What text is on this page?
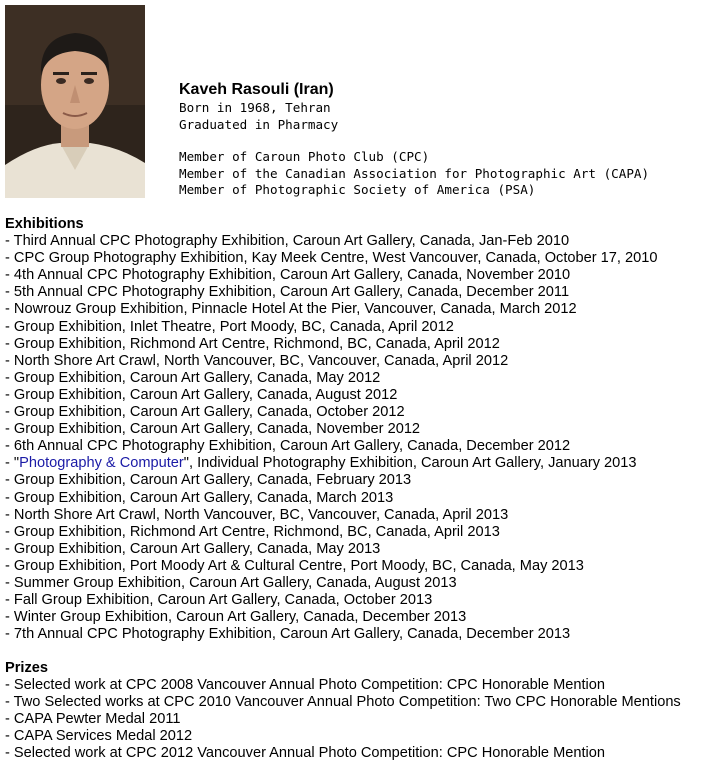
Kaveh Rasouli (Iran)
Born in 1968, Tehran
Graduated in Pharmacy
Member of Caroun Photo Club (CPC)
Member of the Canadian Association for Photographic Art (CAPA)
Member of Photographic Society of America (PSA)
Exhibitions
- Third Annual CPC Photography Exhibition, Caroun Art Gallery, Canada, Jan-Feb 2010
- CPC Group Photography Exhibition, Kay Meek Centre, West Vancouver, Canada, October 17, 2010
- 4th Annual CPC Photography Exhibition, Caroun Art Gallery, Canada, November 2010
- 5th Annual CPC Photography Exhibition, Caroun Art Gallery, Canada, December 2011
- Nowrouz Group Exhibition, Pinnacle Hotel At the Pier, Vancouver, Canada, March 2012
- Group Exhibition, Inlet Theatre, Port Moody, BC, Canada, April 2012
- Group Exhibition, Richmond Art Centre, Richmond, BC, Canada, April 2012
- North Shore Art Crawl, North Vancouver, BC, Vancouver, Canada, April 2012
- Group Exhibition, Caroun Art Gallery, Canada, May 2012
- Group Exhibition, Caroun Art Gallery, Canada, August 2012
- Group Exhibition, Caroun Art Gallery, Canada, October 2012
- Group Exhibition, Caroun Art Gallery, Canada, November 2012
- 6th Annual CPC Photography Exhibition, Caroun Art Gallery, Canada, December 2012
- "Photography & Computer", Individual Photography Exhibition, Caroun Art Gallery, January 2013
- Group Exhibition, Caroun Art Gallery, Canada, February 2013
- Group Exhibition, Caroun Art Gallery, Canada, March 2013
- North Shore Art Crawl, North Vancouver, BC, Vancouver, Canada, April 2013
- Group Exhibition, Richmond Art Centre, Richmond, BC, Canada, April 2013
- Group Exhibition, Caroun Art Gallery, Canada, May 2013
- Group Exhibition, Port Moody Art & Cultural Centre, Port Moody, BC, Canada, May 2013
- Summer Group Exhibition, Caroun Art Gallery, Canada, August 2013
- Fall Group Exhibition, Caroun Art Gallery, Canada, October 2013
- Winter Group Exhibition, Caroun Art Gallery, Canada, December 2013
- 7th Annual CPC Photography Exhibition, Caroun Art Gallery, Canada, December 2013
Prizes
- Selected work at CPC 2008 Vancouver Annual Photo Competition: CPC Honorable Mention
- Two Selected works at CPC 2010 Vancouver Annual Photo Competition: Two CPC Honorable Mentions
- CAPA Pewter Medal 2011
- CAPA Services Medal 2012
- Selected work at CPC 2012 Vancouver Annual Photo Competition: CPC Honorable Mention
